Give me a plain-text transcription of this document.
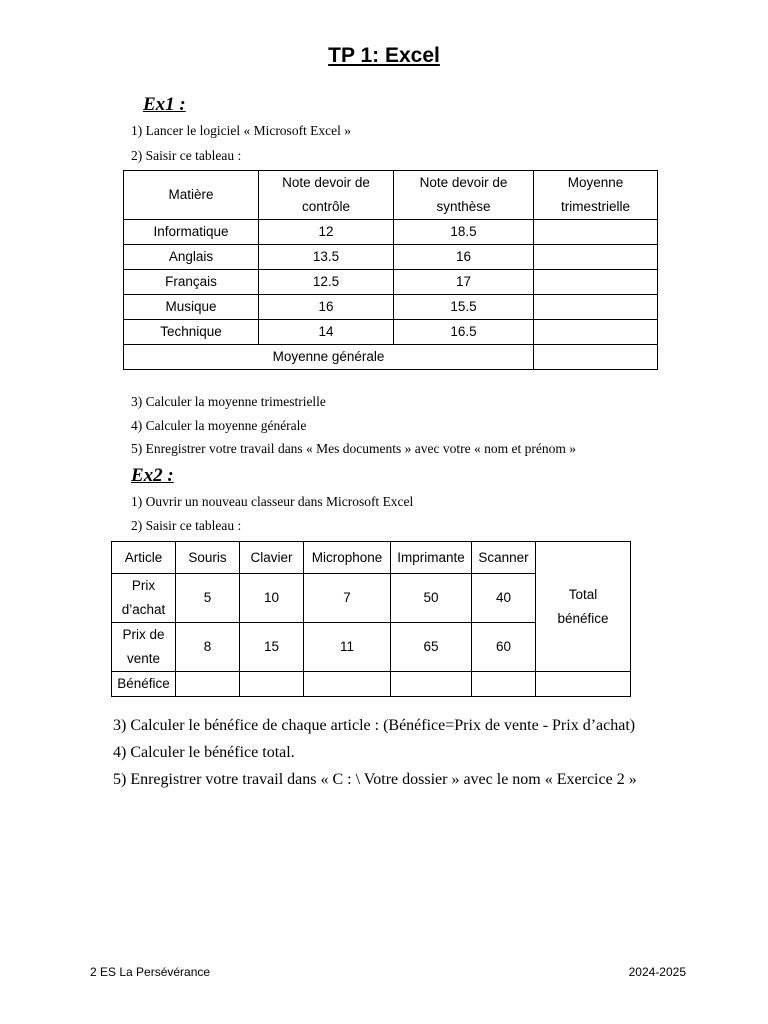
TP 1: Excel
Ex1 :
1) Lancer le logiciel « Microsoft Excel »
2) Saisir ce tableau :
Matière	Note devoir de contrôle	Note devoir de synthèse	Moyenne trimestrielle
Informatique	12	18.5	
Anglais	13.5	16	
Français	12.5	17	
Musique	16	15.5	
Technique	14	16.5	
Moyenne générale			
3) Calculer la moyenne trimestrielle
4) Calculer la moyenne générale
5) Enregistrer votre travail dans « Mes documents » avec votre « nom et prénom »
Ex2 :
1) Ouvrir un nouveau classeur dans Microsoft Excel
2) Saisir ce tableau :
Article	Souris	Clavier	Microphone	Imprimante	Scanner	Total bénéfice
Prix d’achat	5	10	7	50	40	
Prix de vente	8	15	11	65	60	
Bénéfice						
3) Calculer le bénéfice de chaque article : (Bénéfice=Prix de vente - Prix d’achat)
4) Calculer le bénéfice total.
5) Enregistrer votre travail dans « C : \ Votre dossier » avec le nom « Exercice 2 »
2 ES La Persévérance	2024-2025
